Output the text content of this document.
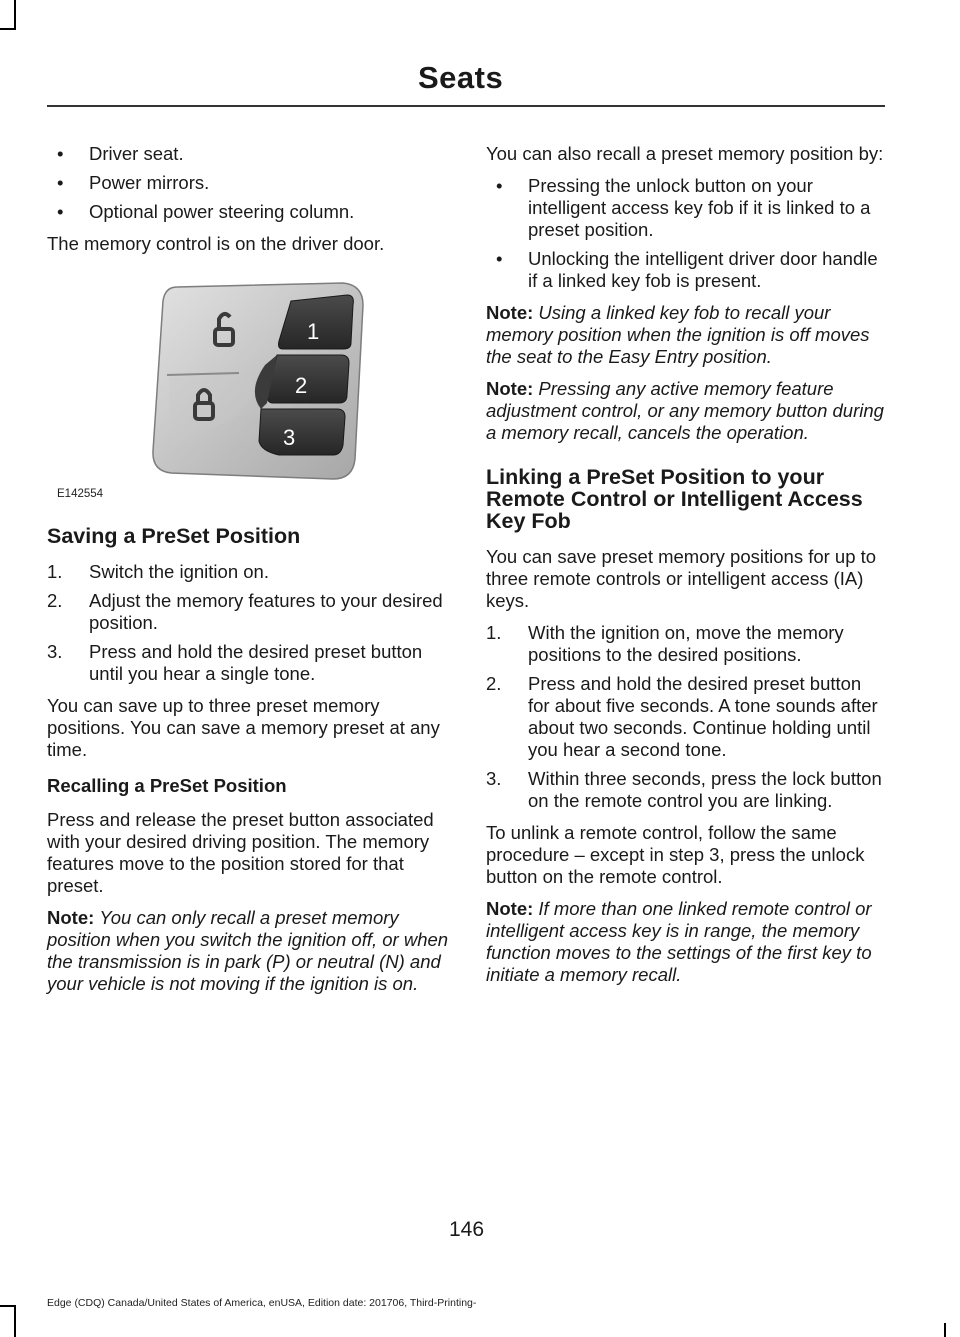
Seats
• Driver seat.
• Power mirrors.
• Optional power steering column.

The memory control is on the driver door.

1
2
3
E142554
Saving a PreSet Position
1. Switch the ignition on.
2. Adjust the memory features to your desired position.
3. Press and hold the desired preset button until you hear a single tone.

You can save up to three preset memory positions. You can save a memory preset at any time.

Recalling a PreSet Position

Press and release the preset button associated with your desired driving position. The memory features move to the position stored for that preset.

Note: You can only recall a preset memory position when you switch the ignition off, or when the transmission is in park (P) or neutral (N) and your vehicle is not moving if the ignition is on.

You can also recall a preset memory position by:

• Pressing the unlock button on your intelligent access key fob if it is linked to a preset position.
• Unlocking the intelligent driver door handle if a linked key fob is present.

Note: Using a linked key fob to recall your memory position when the ignition is off moves the seat to the Easy Entry position.

Note: Pressing any active memory feature adjustment control, or any memory button during a memory recall, cancels the operation.

Linking a PreSet Position to your Remote Control or Intelligent Access Key Fob

You can save preset memory positions for up to three remote controls or intelligent access (IA) keys.

1. With the ignition on, move the memory positions to the desired positions.
2. Press and hold the desired preset button for about five seconds. A tone sounds after about two seconds. Continue holding until you hear a second tone.
3. Within three seconds, press the lock button on the remote control you are linking.

To unlink a remote control, follow the same procedure – except in step 3, press the unlock button on the remote control.

Note: If more than one linked remote control or intelligent access key is in range, the memory function moves to the settings of the first key to initiate a memory recall.

146
Edge (CDQ) Canada/United States of America, enUSA, Edition date: 201706, Third-Printing-
